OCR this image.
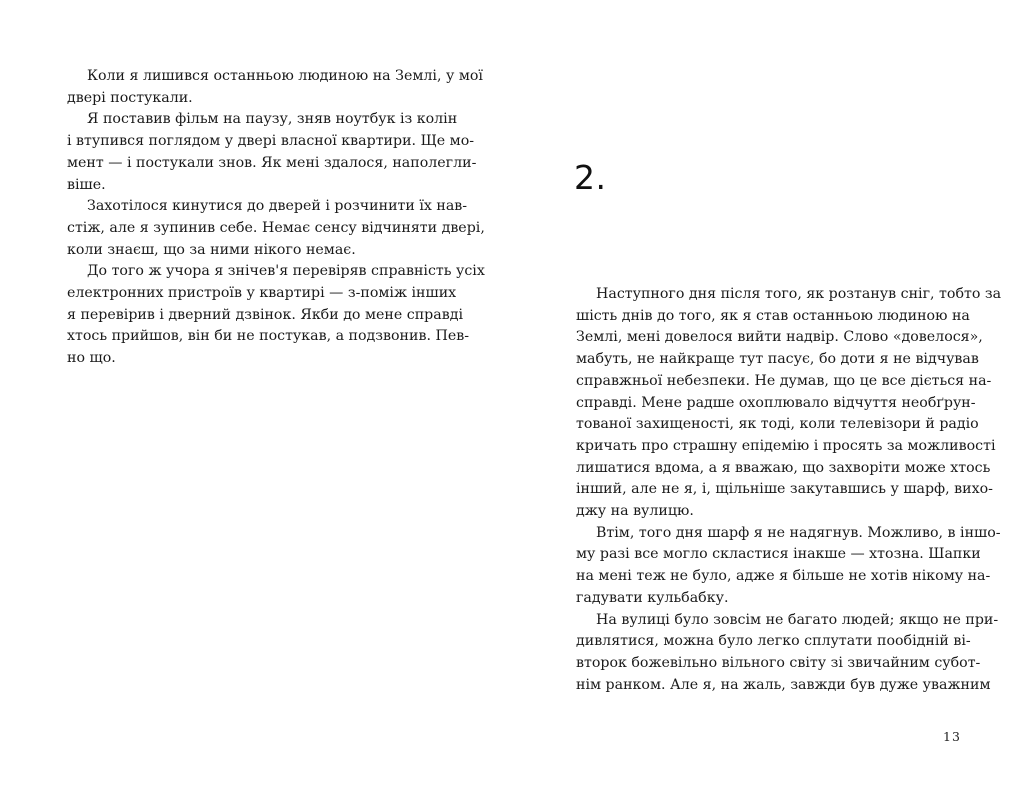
Коли я лишився останньою людиною на Землі, у мої
двері постукали.

Я поставив фільм на паузу, зняв ноутбук із колін
і втупився поглядом у двері власної квартири. Ще мо-
мент — і постукали знов. Як мені здалося, наполегли-
віше.

Захотілося кинутися до дверей і розчинити їх нав-
стіж, але я зупинив себе. Немає сенсу відчиняти двері,
коли знаєш, що за ними нікого немає.

До того ж учора я знічев'я перевіряв справність усіх
електронних пристроїв у квартирі — з-поміж інших
я перевірив і дверний дзвінок. Якби до мене справді
хтось прийшов, він би не постукав, а подзвонив. Пев-
но що.

2.

Наступного дня після того, як розтанув сніг, тобто за
шість днів до того, як я став останньою людиною на
Землі, мені довелося вийти надвір. Слово «довелося»,
мабуть, не найкраще тут пасує, бо доти я не відчував
справжньої небезпеки. Не думав, що це все діється на-
справді. Мене радше охоплювало відчуття необґрун-
тованої захищеності, як тоді, коли телевізори й радіо
кричать про страшну епідемію і просять за можливості
лишатися вдома, а я вважаю, що захворіти може хтось
інший, але не я, і, щільніше закутавшись у шарф, вихо-
джу на вулицю.

Втім, того дня шарф я не надягнув. Можливо, в іншо-
му разі все могло скластися інакше — хтозна. Шапки
на мені теж не було, адже я більше не хотів нікому на-
гадувати кульбабку.

На вулиці було зовсім не багато людей; якщо не при-
дивлятися, можна було легко сплутати пообідній ві-
второк божевільно вільного світу зі звичайним субот-
нім ранком. Але я, на жаль, завжди був дуже уважним

13
